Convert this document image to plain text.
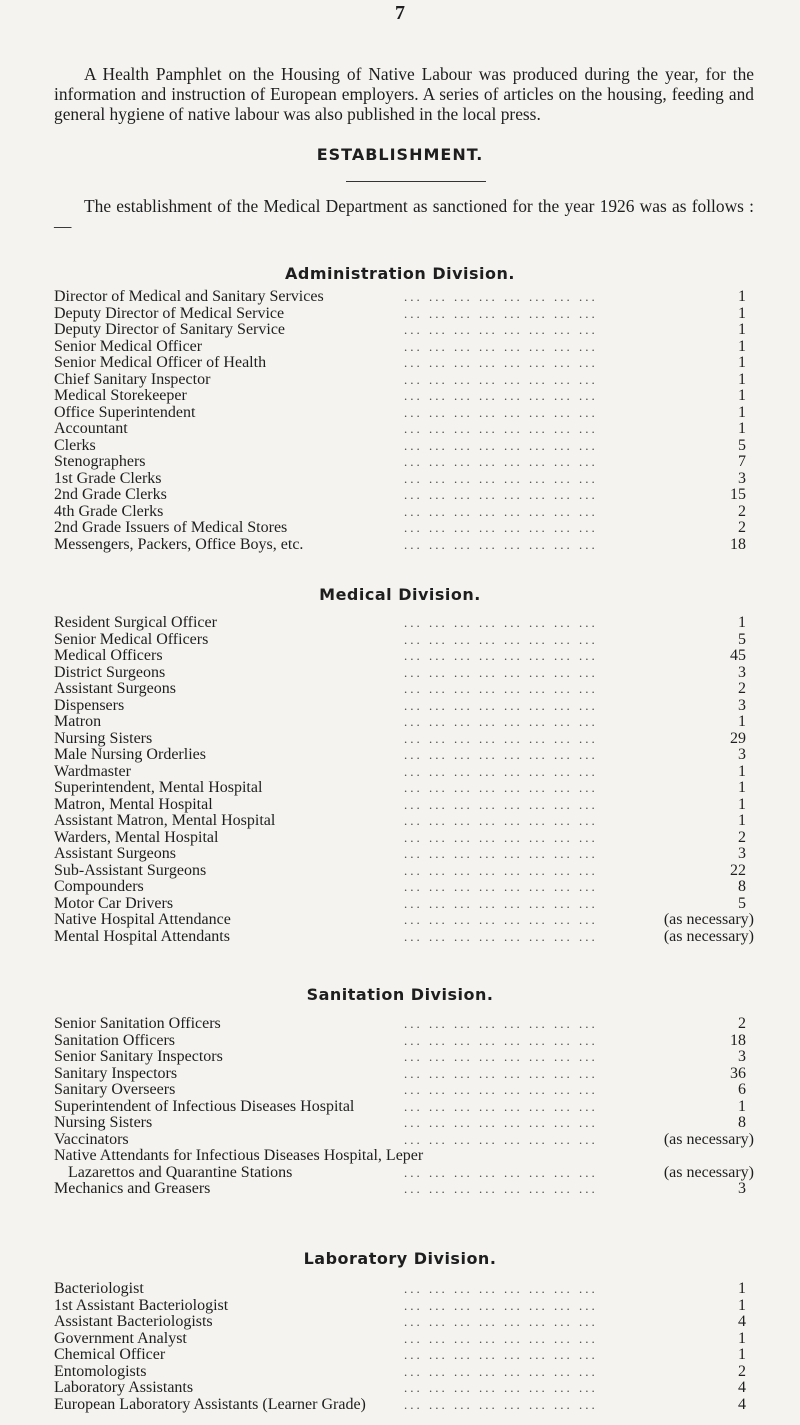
7
A Health Pamphlet on the Housing of Native Labour was produced during the year, for the information and instruction of European employers. A series of articles on the housing, feeding and general hygiene of native labour was also published in the local press.
ESTABLISHMENT.
The establishment of the Medical Department as sanctioned for the year 1926 was as follows :—
Administration Division.
Director of Medical and Sanitary Services	... ... ... ... ... ... ... ...	1
Deputy Director of Medical Service	... ... ... ... ... ... ... ...	1
Deputy Director of Sanitary Service	... ... ... ... ... ... ... ...	1
Senior Medical Officer	... ... ... ... ... ... ... ...	1
Senior Medical Officer of Health	... ... ... ... ... ... ... ...	1
Chief Sanitary Inspector	... ... ... ... ... ... ... ...	1
Medical Storekeeper	... ... ... ... ... ... ... ...	1
Office Superintendent	... ... ... ... ... ... ... ...	1
Accountant	... ... ... ... ... ... ... ...	1
Clerks	... ... ... ... ... ... ... ...	5
Stenographers	... ... ... ... ... ... ... ...	7
1st Grade Clerks	... ... ... ... ... ... ... ...	3
2nd Grade Clerks	... ... ... ... ... ... ... ...	15
4th Grade Clerks	... ... ... ... ... ... ... ...	2
2nd Grade Issuers of Medical Stores	... ... ... ... ... ... ... ...	2
Messengers, Packers, Office Boys, etc.	... ... ... ... ... ... ... ...	18
Medical Division.
Resident Surgical Officer	... ... ... ... ... ... ... ...	1
Senior Medical Officers	... ... ... ... ... ... ... ...	5
Medical Officers	... ... ... ... ... ... ... ...	45
District Surgeons	... ... ... ... ... ... ... ...	3
Assistant Surgeons	... ... ... ... ... ... ... ...	2
Dispensers	... ... ... ... ... ... ... ...	3
Matron	... ... ... ... ... ... ... ...	1
Nursing Sisters	... ... ... ... ... ... ... ...	29
Male Nursing Orderlies	... ... ... ... ... ... ... ...	3
Wardmaster	... ... ... ... ... ... ... ...	1
Superintendent, Mental Hospital	... ... ... ... ... ... ... ...	1
Matron, Mental Hospital	... ... ... ... ... ... ... ...	1
Assistant Matron, Mental Hospital	... ... ... ... ... ... ... ...	1
Warders, Mental Hospital	... ... ... ... ... ... ... ...	2
Assistant Surgeons	... ... ... ... ... ... ... ...	3
Sub-Assistant Surgeons	... ... ... ... ... ... ... ...	22
Compounders	... ... ... ... ... ... ... ...	8
Motor Car Drivers	... ... ... ... ... ... ... ...	5
Native Hospital Attendance	... ... ... ... ... ... ... ...	(as necessary)
Mental Hospital Attendants	... ... ... ... ... ... ... ...	(as necessary)
Sanitation Division.
Senior Sanitation Officers	... ... ... ... ... ... ... ...	2
Sanitation Officers	... ... ... ... ... ... ... ...	18
Senior Sanitary Inspectors	... ... ... ... ... ... ... ...	3
Sanitary Inspectors	... ... ... ... ... ... ... ...	36
Sanitary Overseers	... ... ... ... ... ... ... ...	6
Superintendent of Infectious Diseases Hospital	... ... ... ... ... ... ... ...	1
Nursing Sisters	... ... ... ... ... ... ... ...	8
Vaccinators	... ... ... ... ... ... ... ...	(as necessary)
Native Attendants for Infectious Diseases Hospital, Leper
Lazarettos and Quarantine Stations	... ... ... ... ... ... ... ...	(as necessary)
Mechanics and Greasers	... ... ... ... ... ... ... ...	3
Laboratory Division.
Bacteriologist	... ... ... ... ... ... ... ...	1
1st Assistant Bacteriologist	... ... ... ... ... ... ... ...	1
Assistant Bacteriologists	... ... ... ... ... ... ... ...	4
Government Analyst	... ... ... ... ... ... ... ...	1
Chemical Officer	... ... ... ... ... ... ... ...	1
Entomologists	... ... ... ... ... ... ... ...	2
Laboratory Assistants	... ... ... ... ... ... ... ...	4
European Laboratory Assistants (Learner Grade)	... ... ... ... ... ... ... ...	4
